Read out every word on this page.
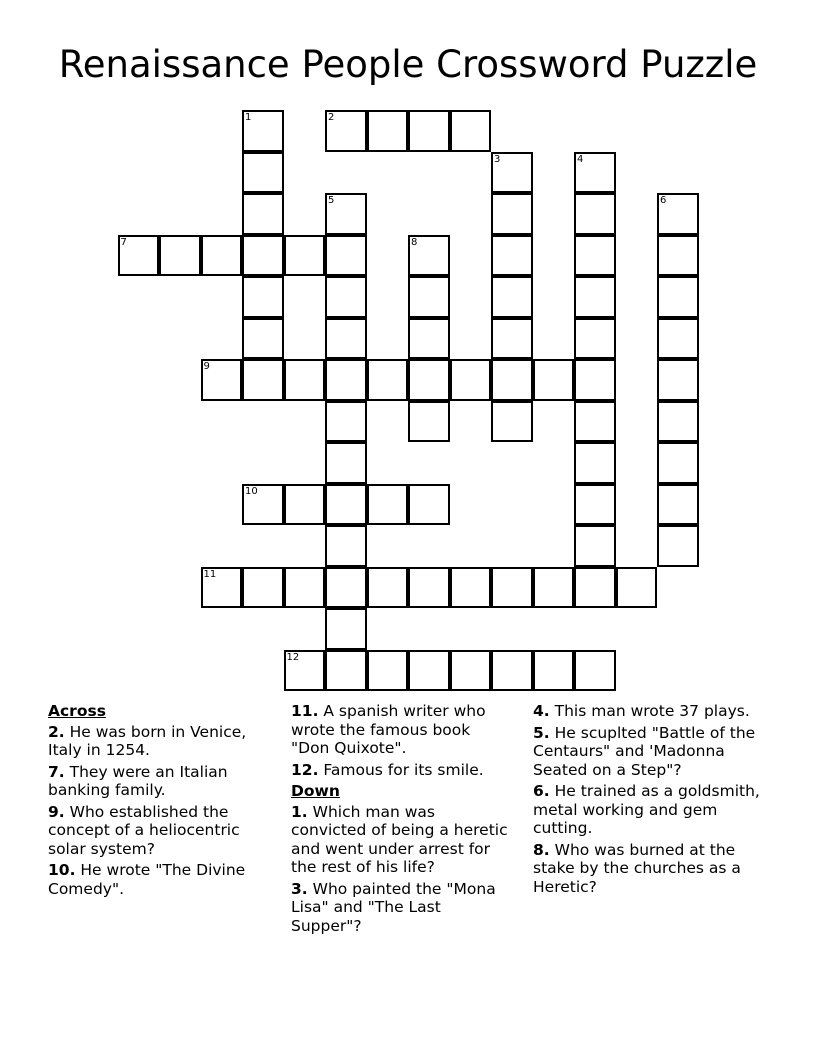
Renaissance People Crossword Puzzle
1	2
3	4
5	6
7	8
9
10
11
12
Across
2. He was born in Venice, Italy in 1254.
7. They were an Italian banking family.
9. Who established the concept of a heliocentric solar system?
10. He wrote "The Divine Comedy".
11. A spanish writer who wrote the famous book "Don Quixote".
12. Famous for its smile.
Down
1. Which man was convicted of being a heretic and went under arrest for the rest of his life?
3. Who painted the "Mona Lisa" and "The Last Supper"?
4. This man wrote 37 plays.
5. He scuplted "Battle of the Centaurs" and 'Madonna Seated on a Step"?
6. He trained as a goldsmith, metal working and gem cutting.
8. Who was burned at the stake by the churches as a Heretic?
